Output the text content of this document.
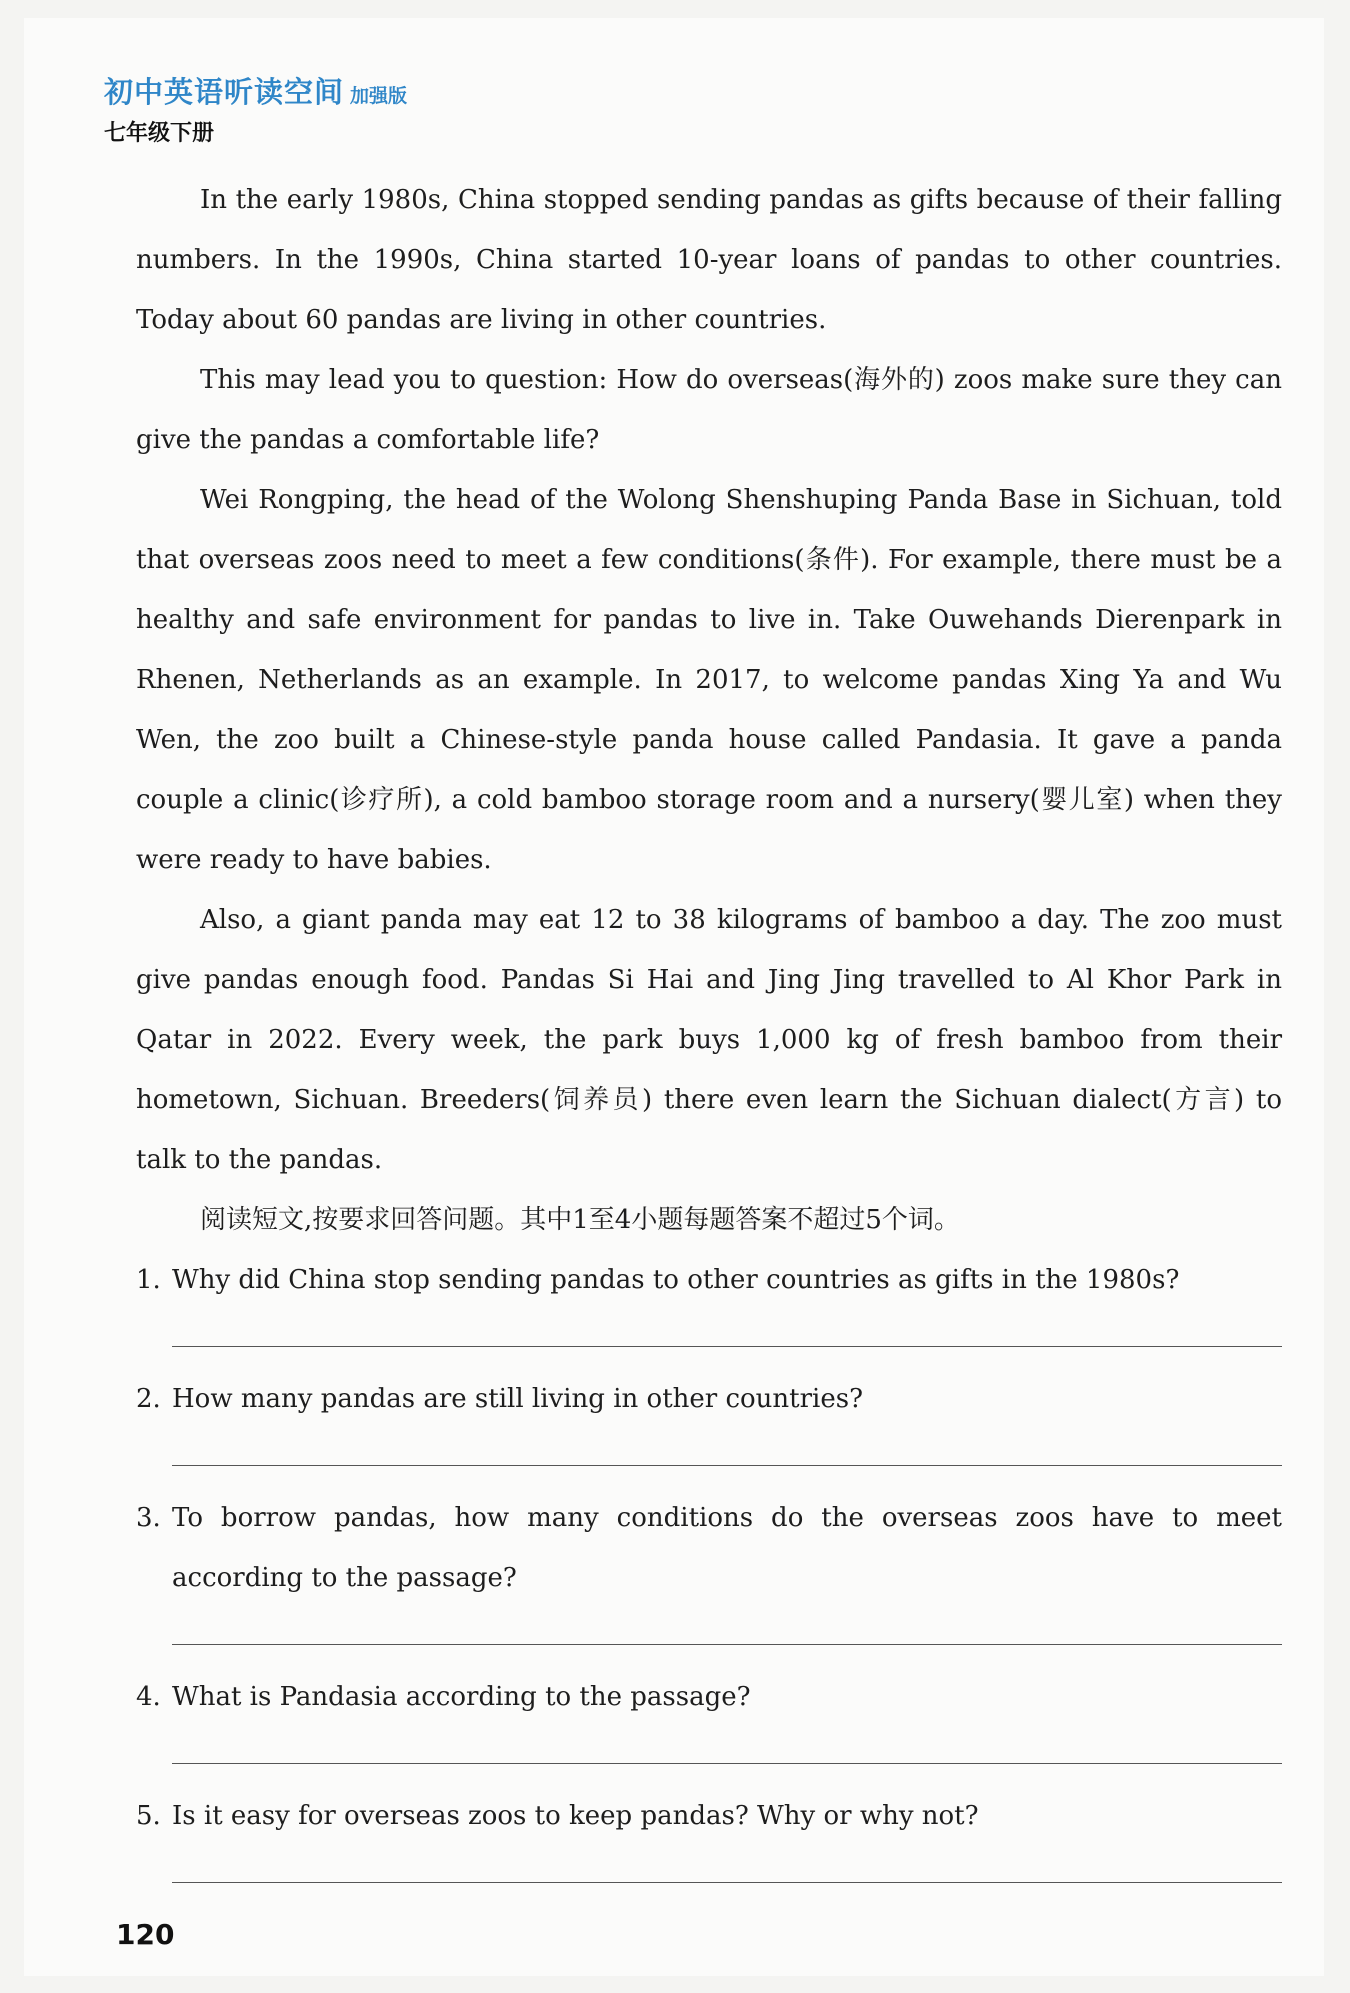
初中英语听读空间 加强版
七年级下册

In the early 1980s, China stopped sending pandas as gifts because of their falling numbers. In the 1990s, China started 10-year loans of pandas to other countries. Today about 60 pandas are living in other countries.

This may lead you to question: How do overseas(海外的) zoos make sure they can give the pandas a comfortable life?

Wei Rongping, the head of the Wolong Shenshuping Panda Base in Sichuan, told that overseas zoos need to meet a few conditions(条件). For example, there must be a healthy and safe environment for pandas to live in. Take Ouwehands Dierenpark in Rhenen, Netherlands as an example. In 2017, to welcome pandas Xing Ya and Wu Wen, the zoo built a Chinese-style panda house called Pandasia. It gave a panda couple a clinic(诊疗所), a cold bamboo storage room and a nursery(婴儿室) when they were ready to have babies.

Also, a giant panda may eat 12 to 38 kilograms of bamboo a day. The zoo must give pandas enough food. Pandas Si Hai and Jing Jing travelled to Al Khor Park in Qatar in 2022. Every week, the park buys 1,000 kg of fresh bamboo from their hometown, Sichuan. Breeders(饲养员) there even learn the Sichuan dialect(方言) to talk to the pandas.

阅读短文,按要求回答问题。其中1至4小题每题答案不超过5个词。

1. Why did China stop sending pandas to other countries as gifts in the 1980s?
2. How many pandas are still living in other countries?
3. To borrow pandas, how many conditions do the overseas zoos have to meet according to the passage?
4. What is Pandasia according to the passage?
5. Is it easy for overseas zoos to keep pandas? Why or why not?
120
